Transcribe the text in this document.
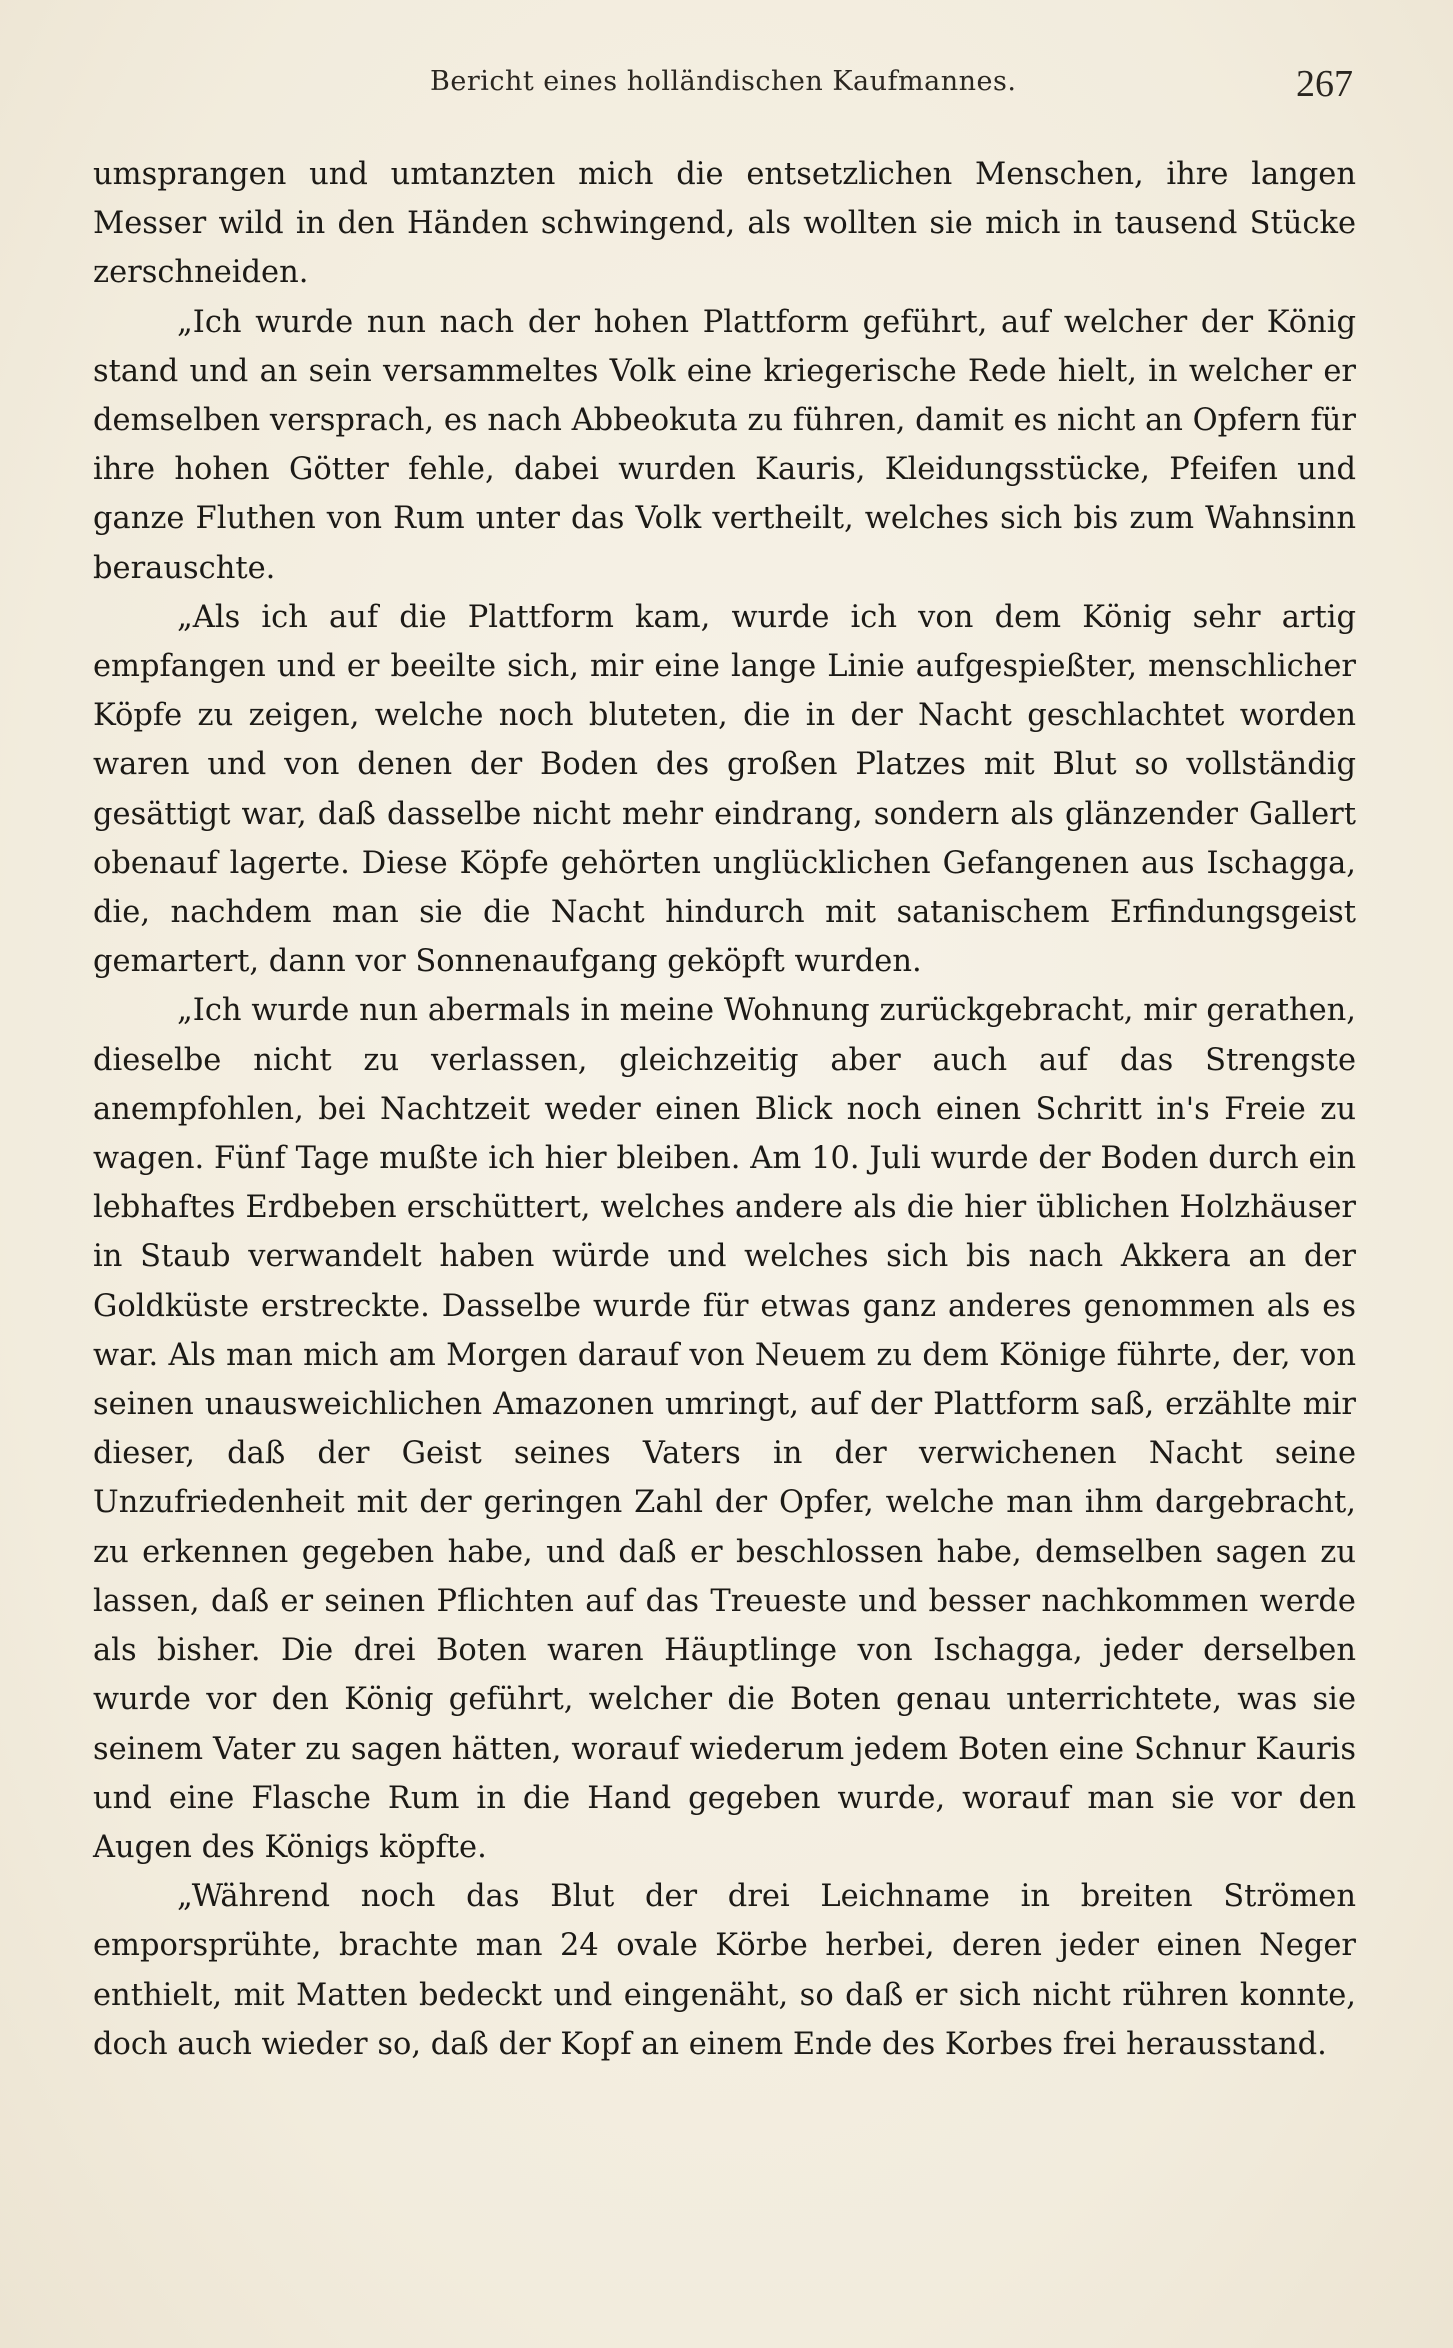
Bericht eines holländischen Kaufmannes.	267

umsprangen und umtanzten mich die entsetzlichen Menschen, ihre langen Messer wild in den Händen schwingend, als wollten sie mich in tausend Stücke zerschneiden.

„Ich wurde nun nach der hohen Plattform geführt, auf welcher der König stand und an sein versammeltes Volk eine kriegerische Rede hielt, in welcher er demselben versprach, es nach Abbeokuta zu führen, damit es nicht an Opfern für ihre hohen Götter fehle, dabei wurden Kauris, Kleidungsstücke, Pfeifen und ganze Fluthen von Rum unter das Volk vertheilt, welches sich bis zum Wahnsinn berauschte.

„Als ich auf die Plattform kam, wurde ich von dem König sehr artig empfangen und er beeilte sich, mir eine lange Linie aufgespießter, menschlicher Köpfe zu zeigen, welche noch bluteten, die in der Nacht geschlachtet worden waren und von denen der Boden des großen Platzes mit Blut so vollständig gesättigt war, daß dasselbe nicht mehr eindrang, sondern als glänzender Gallert obenauf lagerte. Diese Köpfe gehörten unglücklichen Gefangenen aus Ischagga, die, nachdem man sie die Nacht hindurch mit satanischem Erfindungsgeist gemartert, dann vor Sonnenaufgang geköpft wurden.

„Ich wurde nun abermals in meine Wohnung zurückgebracht, mir gerathen, dieselbe nicht zu verlassen, gleichzeitig aber auch auf das Strengste anempfohlen, bei Nachtzeit weder einen Blick noch einen Schritt in's Freie zu wagen. Fünf Tage mußte ich hier bleiben. Am 10. Juli wurde der Boden durch ein lebhaftes Erdbeben erschüttert, welches andere als die hier üblichen Holzhäuser in Staub verwandelt haben würde und welches sich bis nach Akkera an der Goldküste erstreckte. Dasselbe wurde für etwas ganz anderes genommen als es war. Als man mich am Morgen darauf von Neuem zu dem Könige führte, der, von seinen unausweichlichen Amazonen umringt, auf der Plattform saß, erzählte mir dieser, daß der Geist seines Vaters in der verwichenen Nacht seine Unzufriedenheit mit der geringen Zahl der Opfer, welche man ihm dargebracht, zu erkennen gegeben habe, und daß er beschlossen habe, demselben sagen zu lassen, daß er seinen Pflichten auf das Treueste und besser nachkommen werde als bisher. Die drei Boten waren Häuptlinge von Ischagga, jeder derselben wurde vor den König geführt, welcher die Boten genau unterrichtete, was sie seinem Vater zu sagen hätten, worauf wiederum jedem Boten eine Schnur Kauris und eine Flasche Rum in die Hand gegeben wurde, worauf man sie vor den Augen des Königs köpfte.

„Während noch das Blut der drei Leichname in breiten Strömen emporsprühte, brachte man 24 ovale Körbe herbei, deren jeder einen Neger enthielt, mit Matten bedeckt und eingenäht, so daß er sich nicht rühren konnte, doch auch wieder so, daß der Kopf an einem Ende des Korbes frei herausstand.
